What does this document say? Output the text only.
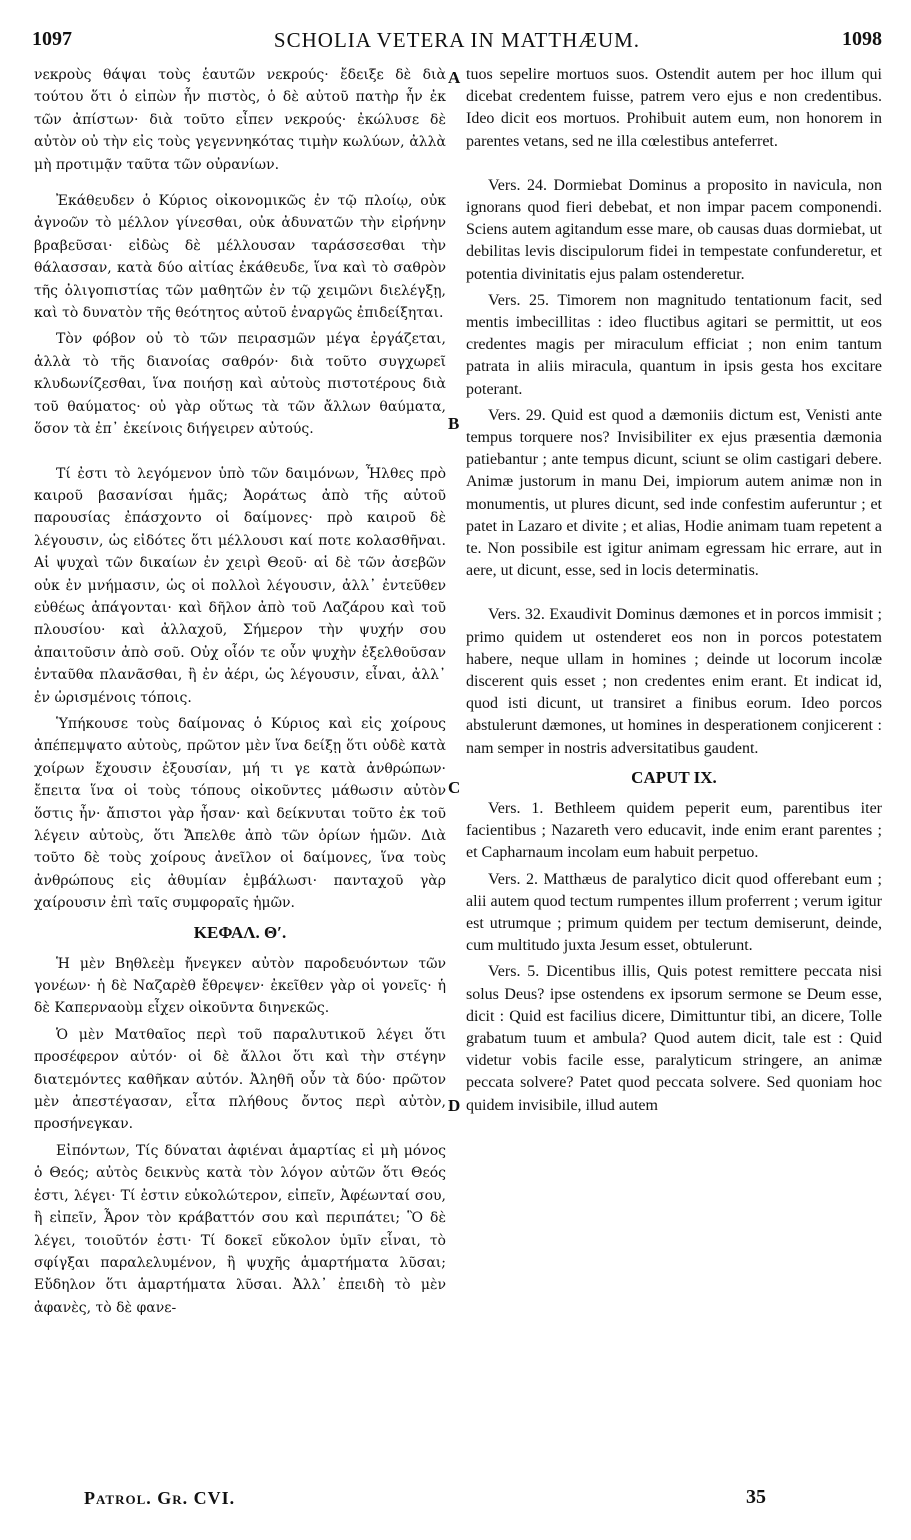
1097	SCHOLIA VETERA IN MATTHÆUM.	1098

νεκροὺς θάψαι τοὺς ἑαυτῶν νεκρούς· ἔδειξε δὲ διὰ τούτου ὅτι ὁ εἰπὼν ἦν πιστὸς, ὁ δὲ αὐτοῦ πατὴρ ἦν ἐκ τῶν ἀπίστων· διὰ τοῦτο εἶπεν νεκρούς· ἐκώλυσε δὲ αὐτὸν οὐ τὴν εἰς τοὺς γεγεννηκότας τιμὴν κωλύων, ἀλλὰ μὴ προτιμᾷν ταῦτα τῶν οὐρανίων.

Ἐκάθευδεν ὁ Κύριος οἰκονομικῶς ἐν τῷ πλοίῳ, οὐκ ἀγνοῶν τὸ μέλλον γίνεσθαι, οὐκ ἀδυνατῶν τὴν εἰρήνην βραβεῦσαι· εἰδὼς δὲ μέλλουσαν ταράσσεσθαι τὴν θάλασσαν, κατὰ δύο αἰτίας ἐκάθευδε, ἵνα καὶ τὸ σαθρὸν τῆς ὀλιγοπιστίας τῶν μαθητῶν ἐν τῷ χειμῶνι διελέγξῃ, καὶ τὸ δυνατὸν τῆς θεότητος αὐτοῦ ἐναργῶς ἐπιδείξηται.

Τὸν φόβον οὐ τὸ τῶν πειρασμῶν μέγα ἐργάζεται, ἀλλὰ τὸ τῆς διανοίας σαθρόν· διὰ τοῦτο συγχωρεῖ κλυδωνίζεσθαι, ἵνα ποιήσῃ καὶ αὐτοὺς πιστοτέρους διὰ τοῦ θαύματος· οὐ γὰρ οὕτως τὰ τῶν ἄλλων θαύματα, ὅσον τὰ ἐπ᾿ ἐκείνοις διήγειρεν αὐτούς.

Τί ἐστι τὸ λεγόμενον ὑπὸ τῶν δαιμόνων, Ἦλθες πρὸ καιροῦ βασανίσαι ἡμᾶς; Ἀοράτως ἀπὸ τῆς αὐτοῦ παρουσίας ἐπάσχοντο οἱ δαίμονες· πρὸ καιροῦ δὲ λέγουσιν, ὡς εἰδότες ὅτι μέλλουσι καί ποτε κολασθῆναι. Αἱ ψυχαὶ τῶν δικαίων ἐν χειρὶ Θεοῦ· αἱ δὲ τῶν ἀσεβῶν οὐκ ἐν μνήμασιν, ὡς οἱ πολλοὶ λέγουσιν, ἀλλ᾿ ἐντεῦθεν εὐθέως ἀπάγονται· καὶ δῆλον ἀπὸ τοῦ Λαζάρου καὶ τοῦ πλουσίου· καὶ ἀλλαχοῦ, Σήμερον τὴν ψυχήν σου ἀπαιτοῦσιν ἀπὸ σοῦ. Οὐχ οἷόν τε οὖν ψυχὴν ἐξελθοῦσαν ἐνταῦθα πλανᾶσθαι, ἢ ἐν ἀέρι, ὡς λέγουσιν, εἶναι, ἀλλ᾿ ἐν ὡρισμένοις τόποις.

Ὑπήκουσε τοὺς δαίμονας ὁ Κύριος καὶ εἰς χοίρους ἀπέπεμψατο αὐτοὺς, πρῶτον μὲν ἵνα δείξῃ ὅτι οὐδὲ κατὰ χοίρων ἔχουσιν ἐξουσίαν, μή τι γε κατὰ ἀνθρώπων· ἔπειτα ἵνα οἱ τοὺς τόπους οἰκοῦντες μάθωσιν αὐτὸν ὅστις ἦν· ἄπιστοι γὰρ ἦσαν· καὶ δείκνυται τοῦτο ἐκ τοῦ λέγειν αὐτοὺς, ὅτι Ἄπελθε ἀπὸ τῶν ὁρίων ἡμῶν. Διὰ τοῦτο δὲ τοὺς χοίρους ἀνεῖλον οἱ δαίμονες, ἵνα τοὺς ἀνθρώπους εἰς ἀθυμίαν ἐμβάλωσι· πανταχοῦ γὰρ χαίρουσιν ἐπὶ ταῖς συμφοραῖς ἡμῶν.

ΚΕΦΑΛ. Θʹ.

Ἡ μὲν Βηθλεὲμ ἤνεγκεν αὐτὸν παροδευόντων τῶν γονέων· ἡ δὲ Ναζαρὲθ ἔθρεψεν· ἐκεῖθεν γὰρ οἱ γονεῖς· ἡ δὲ Καπερναοὺμ εἶχεν οἰκοῦντα διηνεκῶς.

Ὁ μὲν Ματθαῖος περὶ τοῦ παραλυτικοῦ λέγει ὅτι προσέφερον αὐτόν· οἱ δὲ ἄλλοι ὅτι καὶ τὴν στέγην διατεμόντες καθῆκαν αὐτόν. Ἀληθῆ οὖν τὰ δύο· πρῶτον μὲν ἀπεστέγασαν, εἶτα πλήθους ὄντος περὶ αὐτὸν, προσήνεγκαν.

Εἰπόντων, Τίς δύναται ἀφιέναι ἁμαρτίας εἰ μὴ μόνος ὁ Θεός; αὐτὸς δεικνὺς κατὰ τὸν λόγον αὐτῶν ὅτι Θεός ἐστι, λέγει· Τί ἐστιν εὐκολώτερον, εἰπεῖν, Ἀφέωνταί σου, ἢ εἰπεῖν, Ἆρον τὸν κράβαττόν σου καὶ περιπάτει; Ὃ δὲ λέγει, τοιοῦτόν ἐστι· Τί δοκεῖ εὔκολον ὑμῖν εἶναι, τὸ σφίγξαι παραλελυμένον, ἢ ψυχῆς ἁμαρτήματα λῦσαι; Εὔδηλον ὅτι ἁμαρτήματα λῦσαι. Ἀλλ᾿ ἐπειδὴ τὸ μὲν ἀφανὲς, τὸ δὲ φανε-

A
B
C
D

tuos sepelire mortuos suos. Ostendit autem per hoc illum qui dicebat credentem fuisse, patrem vero ejus e non credentibus. Ideo dicit eos mortuos. Prohibuit autem eum, non honorem in parentes vetans, sed ne illa cœlestibus anteferret.

Vers. 24. Dormiebat Dominus a proposito in navicula, non ignorans quod fieri debebat, et non impar pacem componendi. Sciens autem agitandum esse mare, ob causas duas dormiebat, ut debilitas levis discipulorum fidei in tempestate confunderetur, et potentia divinitatis ejus palam ostenderetur.

Vers. 25. Timorem non magnitudo tentationum facit, sed mentis imbecillitas : ideo fluctibus agitari se permittit, ut eos credentes magis per miraculum efficiat ; non enim tantum patrata in aliis miracula, quantum in ipsis gesta hos excitare poterant.

Vers. 29. Quid est quod a dæmoniis dictum est, Venisti ante tempus torquere nos? Invisibiliter ex ejus præsentia dæmonia patiebantur ; ante tempus dicunt, sciunt se olim castigari debere. Animæ justorum in manu Dei, impiorum autem animæ non in monumentis, ut plures dicunt, sed inde confestim auferuntur ; et patet in Lazaro et divite ; et alias, Hodie animam tuam repetent a te. Non possibile est igitur animam egressam hic errare, aut in aere, ut dicunt, esse, sed in locis determinatis.

Vers. 32. Exaudivit Dominus dæmones et in porcos immisit ; primo quidem ut ostenderet eos non in porcos potestatem habere, neque ullam in homines ; deinde ut locorum incolæ discerent quis esset ; non credentes enim erant. Et indicat id, quod isti dicunt, ut transiret a finibus eorum. Ideo porcos abstulerunt dæmones, ut homines in desperationem conjicerent : nam semper in nostris adversitatibus gaudent.

CAPUT IX.

Vers. 1. Bethleem quidem peperit eum, parentibus iter facientibus ; Nazareth vero educavit, inde enim erant parentes ; et Capharnaum incolam eum habuit perpetuo.

Vers. 2. Matthæus de paralytico dicit quod offerebant eum ; alii autem quod tectum rumpentes illum proferrent ; verum igitur est utrumque ; primum quidem per tectum demiserunt, deinde, cum multitudo juxta Jesum esset, obtulerunt.

Vers. 5. Dicentibus illis, Quis potest remittere peccata nisi solus Deus? ipse ostendens ex ipsorum sermone se Deum esse, dicit : Quid est facilius dicere, Dimittuntur tibi, an dicere, Tolle grabatum tuum et ambula? Quod autem dicit, tale est : Quid videtur vobis facile esse, paralyticum stringere, an animæ peccata solvere? Patet quod peccata solvere. Sed quoniam hoc quidem invisibile, illud autem

Patrol. Gr. CVI.	35
